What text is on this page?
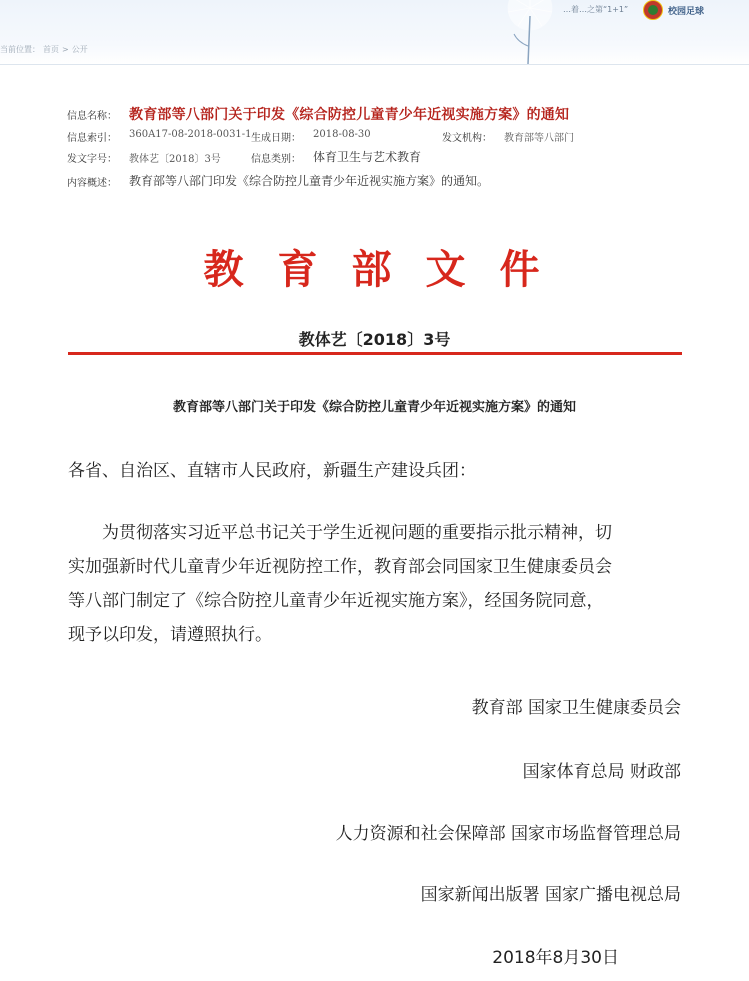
…着…之第“1+1”	校园足球
当前位置： 首页 > 公开
信息名称： 教育部等八部门关于印发《综合防控儿童青少年近视实施方案》的通知
信息索引： 360A17-08-2018-0031-1 生成日期： 2018-08-30	发文机构： 教育部等八部门
发文字号： 教体艺〔2018〕3号	信息类别： 体育卫生与艺术教育
内容概述： 教育部等八部门印发《综合防控儿童青少年近视实施方案》的通知。
教育部文件
教体艺〔2018〕3号
教育部等八部门关于印发《综合防控儿童青少年近视实施方案》的通知
各省、自治区、直辖市人民政府，新疆生产建设兵团：
　　为贯彻落实习近平总书记关于学生近视问题的重要指示批示精神，切
实加强新时代儿童青少年近视防控工作，教育部会同国家卫生健康委员会
等八部门制定了《综合防控儿童青少年近视实施方案》，经国务院同意，
现予以印发，请遵照执行。
教育部 国家卫生健康委员会
国家体育总局 财政部
人力资源和社会保障部 国家市场监督管理总局
国家新闻出版署 国家广播电视总局
2018年8月30日
